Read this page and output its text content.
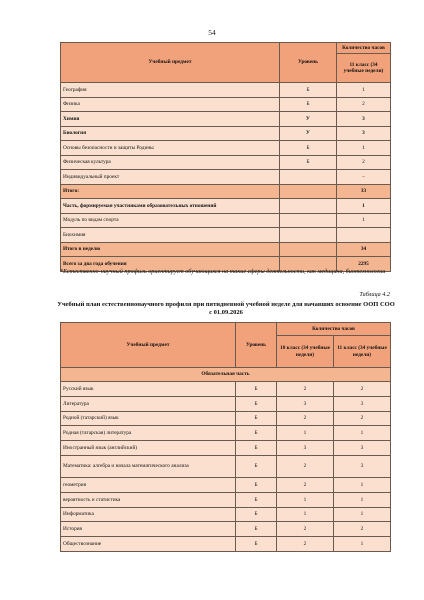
54
Учебный предмет	Уровень	Количество часов
		11 класс (34 учебные недели)
География	Б	1
Физика	Б	2
Химия	У	3
Биология	У	3
Основы безопасности и защиты Родины	Б	1
Физическая культура	Б	2
Индивидуальный проект		–
Итого:		33
Часть, формируемая участниками образовательных отношений		1
Модуль по видам спорта		1
Биохимия		
Итого в неделю		34
Всего за два года обучения		2295
*Естественно-научный профиль ориентирует обучающихся на такие сферы деятельности, как медицина, биотехнологии
Таблица 4.2
Учебный план естественнонаучного профиля при пятидневной учебной неделе для начавших освоение ООП СОО с 01.09.2026
Учебный предмет	Уровень	Количество часов	
		10 класс (34 учебные недели)	11 класс (34 учебные недели)
Обязательная часть			
Русский язык	Б	2	2
Литература	Б	3	3
Родной (татарский) язык	Б	2	2
Родная (татарская) литература	Б	1	1
Иностранный язык (английский)	Б	3	3
Математика: алгебра и начала математического анализа	Б	2	3
геометрия	Б	2	1
вероятность и статистика	Б	1	1
Информатика	Б	1	1
История	Б	2	2
Обществознание	Б	2	1
